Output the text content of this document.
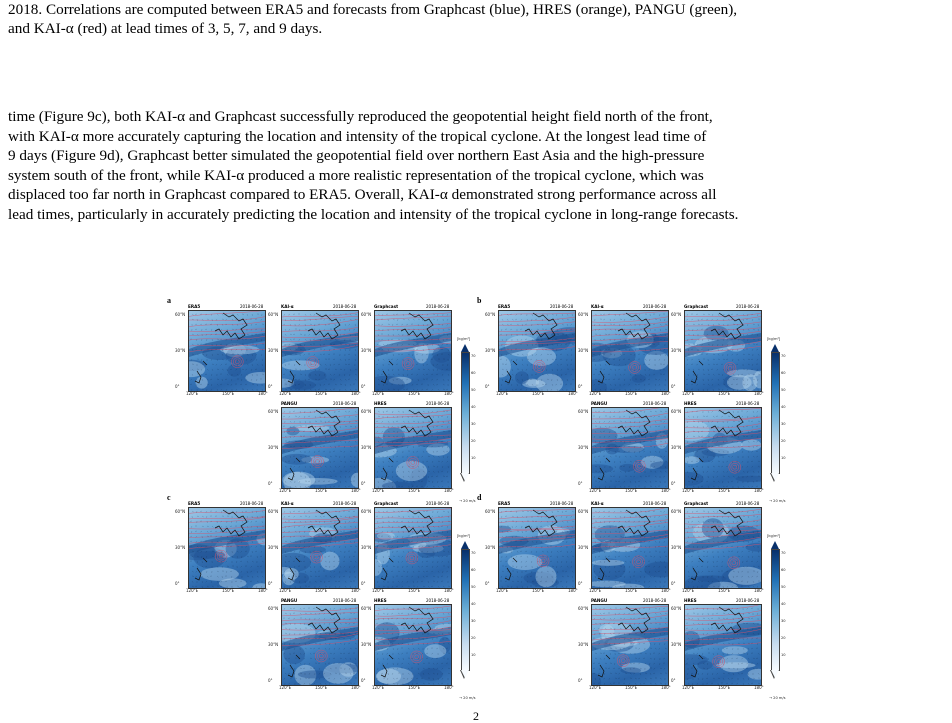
2018. Correlations are computed between ERA5 and forecasts from Graphcast (blue), HRES (orange), PANGU (green),
and KAI-α (red) at lead times of 3, 5, 7, and 9 days.

time (Figure 9c), both KAI-α and Graphcast successfully reproduced the geopotential height field north of the front,
with KAI-α more accurately capturing the location and intensity of the tropical cyclone. At the longest lead time of
9 days (Figure 9d), Graphcast better simulated the geopotential field over northern East Asia and the high-pressure
system south of the front, while KAI-α produced a more realistic representation of the tropical cyclone, which was
displaced too far north in Graphcast compared to ERA5. Overall, KAI-α demonstrated strong performance across all
lead times, particularly in accurately predicting the location and intensity of the tropical cyclone in long-range forecasts.

a
ERA5	2018-06-28
60°N
30°N
0°
120°E	150°E	180°
KAI-α	2018-06-28
60°N
30°N
0°
120°E	150°E	180°
Graphcast	2018-06-28
60°N
30°N
0°
120°E	150°E	180°
PANGU	2018-06-28
60°N
30°N
0°
120°E	150°E	180°
HRES	2018-06-28
60°N
30°N
0°
120°E	150°E	180°
[kg/m²]
70
60
50
40
30
20
10
→ 20 m/s
b
ERA5	2018-06-28
60°N
30°N
0°
120°E	150°E	180°
KAI-α	2018-06-28
60°N
30°N
0°
120°E	150°E	180°
Graphcast	2018-06-28
60°N
30°N
0°
120°E	150°E	180°
PANGU	2018-06-28
60°N
30°N
0°
120°E	150°E	180°
HRES	2018-06-28
60°N
30°N
0°
120°E	150°E	180°
[kg/m²]
70
60
50
40
30
20
10
→ 20 m/s
c
ERA5	2018-06-28
60°N
30°N
0°
120°E	150°E	180°
KAI-α	2018-06-28
60°N
30°N
0°
120°E	150°E	180°
Graphcast	2018-06-28
60°N
30°N
0°
120°E	150°E	180°
PANGU	2018-06-28
60°N
30°N
0°
120°E	150°E	180°
HRES	2018-06-28
60°N
30°N
0°
120°E	150°E	180°
[kg/m²]
70
60
50
40
30
20
10
→ 20 m/s
d
ERA5	2018-06-28
60°N
30°N
0°
120°E	150°E	180°
KAI-α	2018-06-28
60°N
30°N
0°
120°E	150°E	180°
Graphcast	2018-06-28
60°N
30°N
0°
120°E	150°E	180°
PANGU	2018-06-28
60°N
30°N
0°
120°E	150°E	180°
HRES	2018-06-28
60°N
30°N
0°
120°E	150°E	180°
[kg/m²]
70
60
50
40
30
20
10
→ 20 m/s
2
